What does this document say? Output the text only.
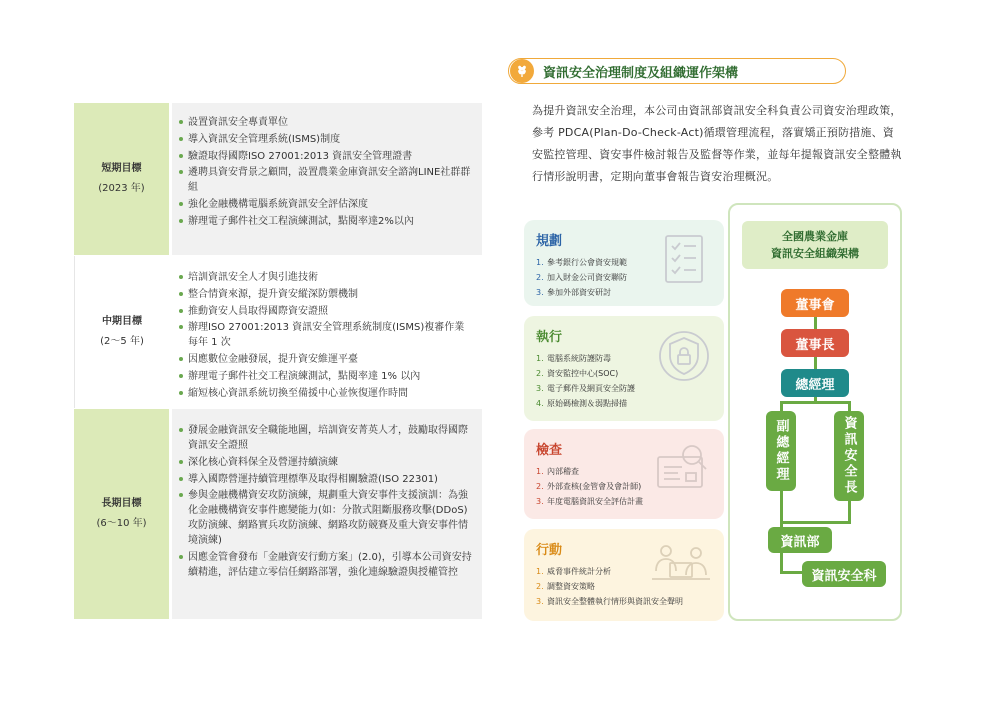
短期目標
(2023 年)
設置資訊安全專責單位
導入資訊安全管理系統(ISMS)制度
驗證取得國際ISO 27001:2013 資訊安全管理證書
遴聘具資安背景之顧問，設置農業金庫資訊安全諮詢LINE社群群組
強化金融機構電腦系統資訊安全評估深度
辦理電子郵件社交工程演練測試，點閱率達2%以內
中期目標
(2～5 年)
培訓資訊安全人才與引進技術
整合情資來源，提升資安縱深防禦機制
推動資安人員取得國際資安證照
辦理ISO 27001:2013 資訊安全管理系統制度(ISMS)複審作業每年 1 次
因應數位金融發展，提升資安維運平臺
辦理電子郵件社交工程演練測試，點閱率達 1% 以內
縮短核心資訊系統切換至備援中心並恢復運作時間
長期目標
(6～10 年)
發展金融資訊安全職能地圖，培訓資安菁英人才，鼓勵取得國際資訊安全證照
深化核心資料保全及營運持續演練
導入國際營運持續管理標準及取得相關驗證(ISO 22301)
參與金融機構資安攻防演練，規劃重大資安事件支援演訓：為強化金融機構資安事件應變能力(如：分散式阻斷服務攻擊(DDoS)攻防演練、網路實兵攻防演練、網路攻防競賽及重大資安事件情境演練)
因應金管會發布「金融資安行動方案」(2.0)，引導本公司資安持續精進，評估建立零信任網路部署，強化連線驗證與授權管控
資訊安全治理制度及組織運作架構

為提升資訊安全治理，本公司由資訊部資訊安全科負責公司資安治理政策，參考 PDCA(Plan-Do-Check-Act)循環管理流程，落實矯正預防措施、資安監控管理、資安事件檢討報告及監督等作業，並每年提報資訊安全整體執行情形說明書，定期向董事會報告資安治理概況。

規劃
1. 參考銀行公會資安規範
2. 加入財金公司資安聯防
3. 參加外部資安研討
執行
1. 電腦系統防護防毒
2. 資安監控中心(SOC)
3. 電子郵件及網頁安全防護
4. 原始碼檢測＆弱點掃描
檢查
1. 內部稽查
2. 外部查核(金管會及會計師)
3. 年度電腦資訊安全評估計畫
行動
1. 威脅事件統計分析
2. 調整資安策略
3. 資訊安全整體執行情形與資訊安全聲明
全國農業金庫
資訊安全組織架構
董事會
董事長
總經理
副總經理	資訊安全長
資訊部
資訊安全科
